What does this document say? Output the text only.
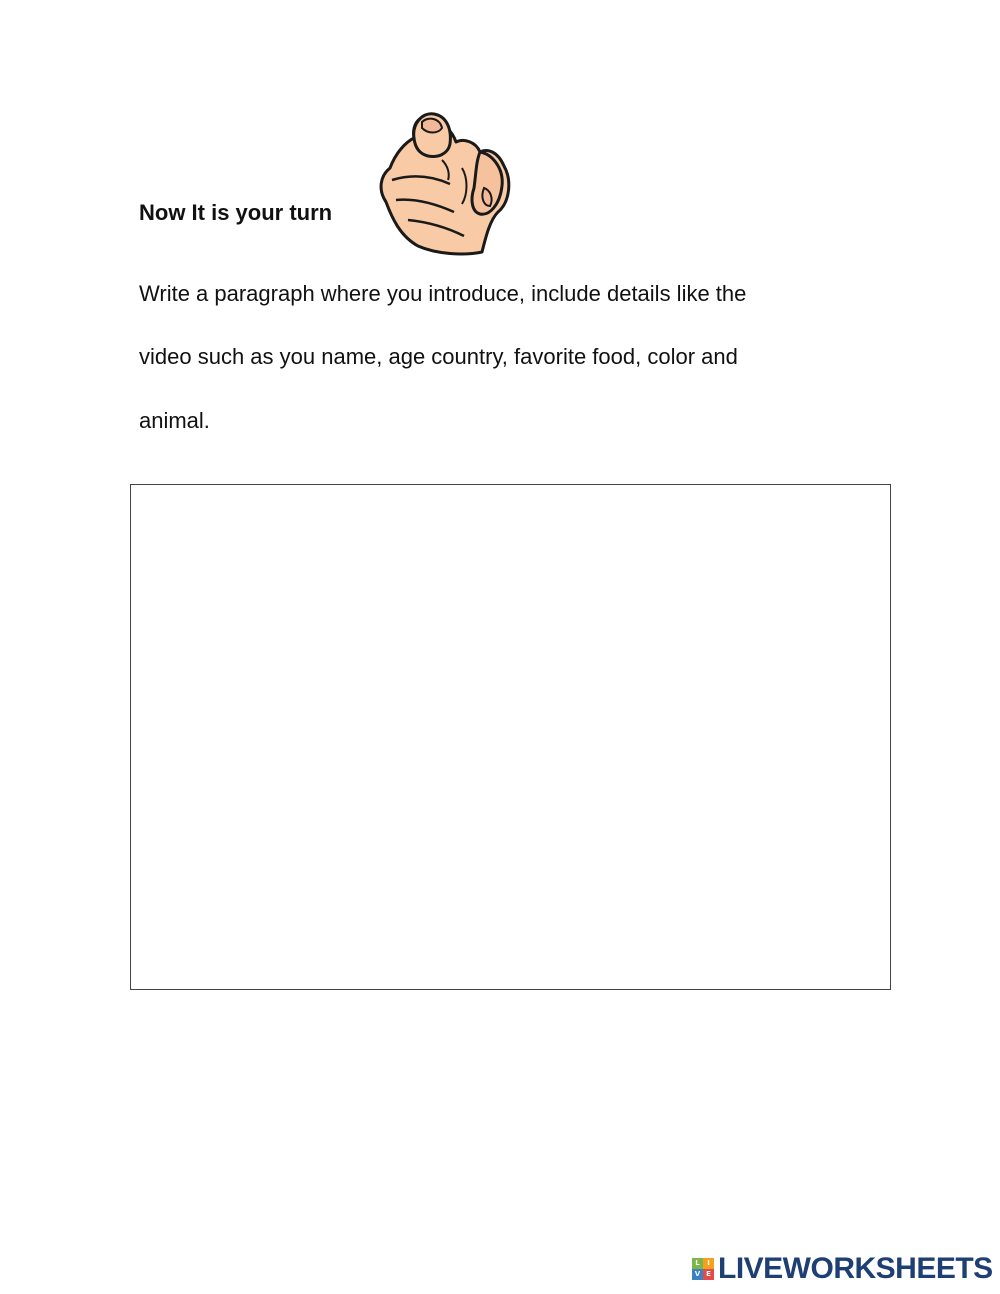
Now It is your turn
Write a paragraph where you introduce, include details like the
video such as you name, age country, favorite food, color and
animal.
L	I
V E LIVEWORKSHEETS
